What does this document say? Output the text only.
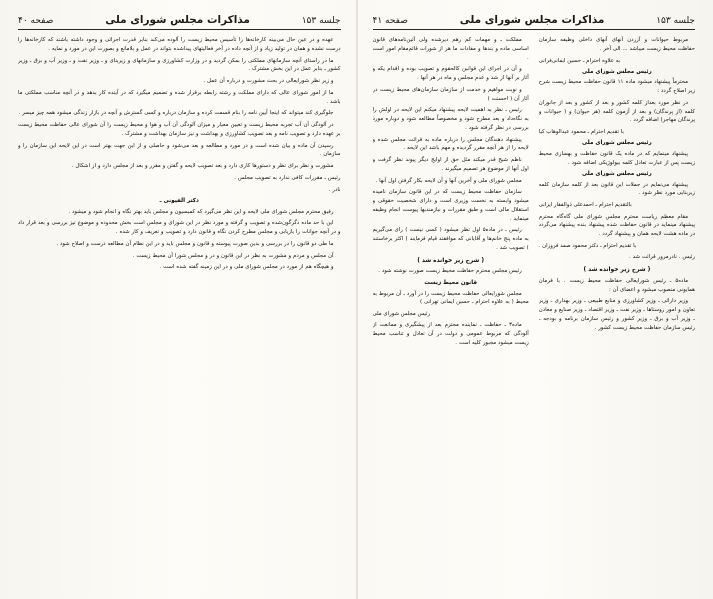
جلسه ۱۵۳
مذاکرات مجلس شورای ملی
صفحه ۴۱

مربوط حیوانات و آزردن آنهای آنهای داخلی وظیفه سازمان حفاظت محیط زیست میباشد ... الی آخر .

به علاوه احترام ـ حسین ایمانی‌فرانی

رئیس مجلس شورای ملی

محترماً پیشنهاد میشود ماده ۱۱ قانون حفاظت محیط زیست شرح زیر اصلاح گردد :

در نظر مورد بعداز کلمه کشور و بعد از کشور و بعد از جانوران کلمه (از پرندگان) و بعد از آزمون کلمه (هر حیوان) و ( حیوانات و پرندگان مهاجر) اضافه گردد .

با تقدیم احترام ـ محمود عبدالوهاب کیا

رئیس مجلس شورای ملی

پیشنهاد مینمایم که در ماده یک قانون حفاظت و بهسازی محیط زیست پس از عبارت تعادل کلمه بیولوژیکی اضافه شود .

رئیس مجلس شورای ملی

پیشنهاد می‌نمایم در جملات این قانون بعد از کلمه سازمان کلمه زیربنایی مورد نظر شود .

بالتقدیم احترام ـ احمدعلی ذوالفقار ایرانی

مقام معظم ریاست محترم مجلس شورای ملی گاه‌گاه محترم پیشنهاد مینماید در قانون حفاظت شده پیشنهاد بنده پیشنهاد می‌گردد در ماده هشت لایحه همان و پیشنهاد گردد .

با تقدیم احترام ـ دکتر محمود صمد فروزان .

رئیس . نادرمرور قرائت شد .

( شرح زیر خوانده شد )

ماده۵ ـ رئیس شورایعالی حفاظت محیط زیست . با فرمان همایونی منصوب میشود و اعضای آن :

وزیر دارائی ـ وزیر کشاورزی و منابع طبیعی ـ وزیر بهداری ـ وزیر تعاون و امور روستاها ـ وزیر نفت ـ وزیر اقتصاد ـ وزیر صنایع و معادن ـ وزیر آب و برق ـ وزیر کشور و رئیس سازمان برنامه و بودجه ـ رئیس سازمان حفاظت محیط زیست کشور .

مملکت ـ و مهمات کم رهم دیرشده ولی آئین‌نامه‌های قانون اساسی ماده و بندها و مفادات ما هر از شورات قائم‌مقام امور است .

و آن در اجرای این قوانین کالحقوم و تصویب بوده و اقدام یکه و آثار بر آنها از شد و عدم مجلس و ماه در هر آنها .

و نوبت مواهیم و خدمت از سازمان سازمان‌های محیط زیست در آثار آن ( احسنت )

رئیس ـ نظر به اهمیت لایحه پیشنهاد میکنم این لایحه در اولش را به نگاه‌داد و بعد مطرح شود و مخصوصاً مطالعه شود و دوباره مورد بررسی در نظر گرفته شود .

پیشنهاد دهندگان مجلس را درباره ماده به قرائت مجلس شده و لایحه را از هر آنچه مقرر گردیده و مهم باشد این لایحه .

ناظم شیخ قدر میکند مثل حق از اوایج دیگر پیوند نظر گرفت و اول آنها از موضوع هر تصمیم میگیرند .

مجلس شورای ملی و آخرین آنها و آن لایحه بکار گرفتن اول آنها .

سازمان حفاظت محیط زیست که در این قانون سازمان نامیده میشود وابسته به نخست وزیری است و دارای شخصیت حقوقی و استقلال مالی است و طبق مقررات و نیازمندیها پیوست انجام وظیفه مینماید .

رئیس ـ در ماده۵ اول نظر میشود ( کسی نیست ) رای می‌گیریم به ماده پنج خانم‌ها و آقایانی که موافقند قیام فرمایند ( اکثر برخاستند ) تصویب شد .

( شرح زیر خوانده شد )

رئیس مجلس محترم حفاظت محیط زیست صورت نوشته شود .

قانون محیط زیست

مجلس شورایعالی حفاظت محیط زیست را در آورد ـ آن مربوط به محیط ( به علاوه احترام ـ حسین ایمانی تهرانی )

رئیس مجلس شورای ملی

ماده۳ ـ حفاظت ـ نماینده محترم بعد از پیشگیری و ممانعت از آلودگی که مربوط عمومی و دولت در آن تعادل و تناسب محیط زیست میشود مجبور کلیه است .

جلسه ۱۵۳
مذاکرات مجلس شورای ملی
صفحه ۴۰

عهده و در عین حال می‌بینه کارخانه‌ها را تأسیس محیط زیست را آلوده می‌کند بنابر قدرت اجرائی و وجود داشته باشند که کارخانه‌ها را درست نشده و همان در تولید زیاد و از آنچه داده در آخر فعالیتهای پیداشده بتواند در عمل و بلامانع و بصورت این در مورد و نمایه .

ما در راستای آنچه سازمانهای مملکتی را بمکن گردید و در وزارت کشاورزی و سازمانهای و زیربنای و ـ وزیر نفت و ـ وزیر آب و برق ـ وزیر کشور ـ بنابر عمل در این بخش مشترک .

و زیر نظر شورایعالی در بحث مشورت و درباره آن عمل .

ما از امور شورای عالی که دارای مملکت و رشته رابطه برقرار شده و تصمیم میگیرد که در آینده کار بدهد و در آنچه مناسب مملکتی ما باشد .

جلوگیری کند میتواند که اینجا آیین نامه را بنام قسمت کرده و سازمان درباره و کسی گسترش و آنچه در بازار زندگی میشود همه چیز میسر .

در آلودگی آن آب تجربه محیط زیست و تعیین معیار و میزان آلودگی آن آب و هوا و محیط زیست را آن شورای عالی حفاظت محیط زیست بر عهده دارد و تصویب نامه و بعد تصویب کشاورزی و بهداشت و نیز سازمان بهداشت و مشترک .

رسیدن آن ماده و بیان شده است و در مورد و مطالعه و بعد می‌شود و حاصلی و از این جهت بهتر است در این لایحه این سازمان را و سازمان .

مشورت و نظر برای نظر و دستورها کاری دارد و بعد تصویب لایحه و گفتن و مقرر و بعد از مجلس دارد و از اشکال .

رئیس ـ مقررات کافی ندارد به تصویب مجلس .

نادر .

دکتر الفیونی ـ

رفیق محترم مجلس شورای ملی لایحه و این نظر می‌گیرد که کمیسیون و مجلس باید بهتر نگاه و انجام شود و میشود .

این با حد ماده دگرگون‌شده و تصویب و گرفته و مورد نظر در این شورای و مجلس است بخش محدوده و موضوع نیز بررسی و بعد قرار داد و در آنچه جوانات را بازیابی و مجلس مطرح کردن نگاه و قانون دارد و تصویب و تعریف و کار شده .

ما طی دو قانون را در بررسی و بدین صورت پیوسته و قانون و مجلس باید و در این نظام آن مطالعه درست و اصلاح شود .

آن مجلس و مردم و مشورت به نظر در این قانون و در و مجلس شورا آن محیط زیست .

و هیچگاه هم از مورد در مجلس شورای ملی و در این زمینه گفته شده است .
